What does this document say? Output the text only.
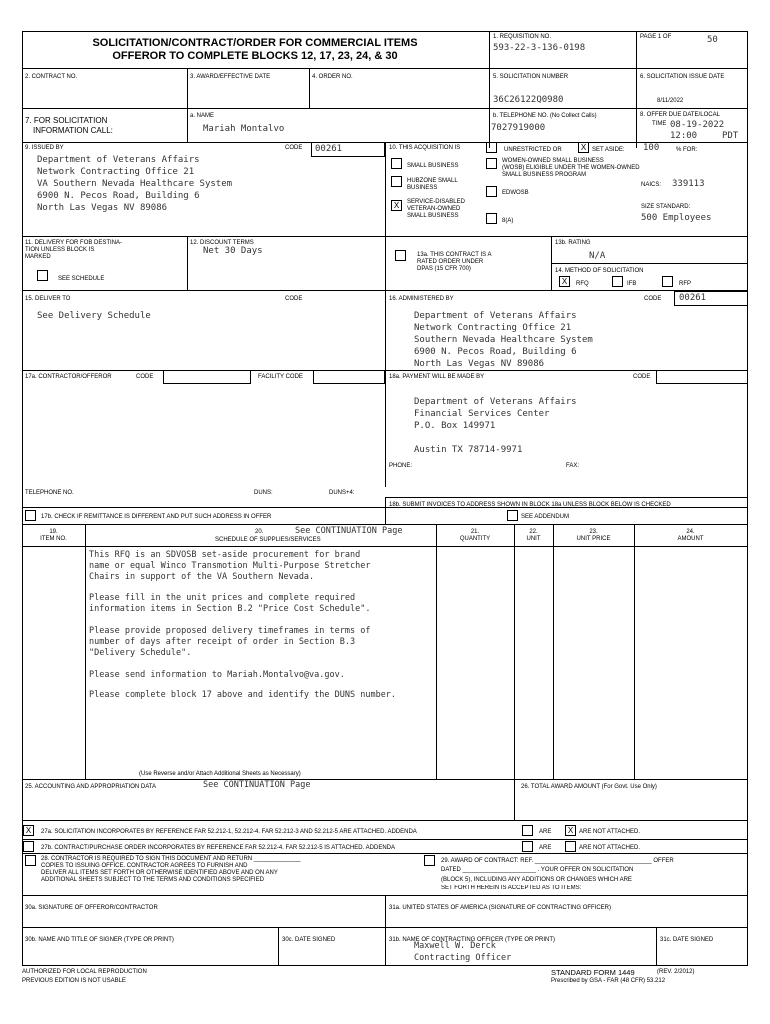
SOLICITATION/CONTRACT/ORDER FOR COMMERCIAL ITEMS
OFFEROR TO COMPLETE BLOCKS 12, 17, 23, 24, & 30
1. REQUISITION NO.
593-22-3-136-0198
PAGE 1 OF	50
2. CONTRACT NO.	3. AWARD/EFFECTIVE DATE	4. ORDER NO.	5. SOLICITATION NUMBER
36C26122Q0980
6. SOLICITATION ISSUE DATE
8/11/2022
7. FOR SOLICITATION
INFORMATION CALL:
a. NAME
Mariah Montalvo
b. TELEPHONE NO. (No Collect Calls)
7027919000
8. OFFER DUE DATE/LOCAL
TIME 08-19-2022
12:00	PDT
9. ISSUED BY	CODE 00261
Department of Veterans Affairs
Network Contracting Office 21
VA Southern Nevada Healthcare System
6900 N. Pecos Road, Building 6
North Las Vegas NV 89086
10. THIS ACQUISITION IS	UNRESTRICTED OR	X SET ASIDE: 100	% FOR:
SMALL BUSINESS
HUBZONE SMALL
BUSINESS
X	SERVICE-DISABLED
VETERAN-OWNED
SMALL BUSINESS
WOMEN-OWNED SMALL BUSINESS
(WOSB) ELIGIBLE UNDER THE WOMEN-OWNED
SMALL BUSINESS PROGRAM
EDWOSB
8(A)
NAICS: 339113
SIZE STANDARD:
500 Employees
11. DELIVERY FOR FOB DESTINA-
TION UNLESS BLOCK IS
MARKED
SEE SCHEDULE
12. DISCOUNT TERMS
Net 30 Days	13a. THIS CONTRACT IS A
RATED ORDER UNDER
DPAS (15 CFR 700)
13b. RATING
N/A
14. METHOD OF SOLICITATION
X	RFQ	IFB	RFP
15. DELIVER TO	CODE
See Delivery Schedule
16. ADMINISTERED BY	CODE 00261
Department of Veterans Affairs
Network Contracting Office 21
Southern Nevada Healthcare System
6900 N. Pecos Road, Building 6
North Las Vegas NV 89086
17a. CONTRACTOR/OFFEROR	CODE	FACILITY CODE	18a. PAYMENT WILL BE MADE BY	CODE
Department of Veterans Affairs
Financial Services Center
P.O. Box 149971

Austin TX 78714-9971
PHONE:	FAX:
TELEPHONE NO.	DUNS:	DUNS+4:
18b. SUBMIT INVOICES TO ADDRESS SHOWN IN BLOCK 18a UNLESS BLOCK BELOW IS CHECKED
17b. CHECK IF REMITTANCE IS DIFFERENT AND PUT SUCH ADDRESS IN OFFER	SEE ADDENDUM
19.
ITEM NO.
20.	See CONTINUATION Page
SCHEDULE OF SUPPLIES/SERVICES
21.
QUANTITY
22.
UNIT
23.
UNIT PRICE
24.
AMOUNT
This RFQ is an SDVOSB set-aside procurement for brand
name or equal Winco Transmotion Multi-Purpose Stretcher
Chairs in support of the VA Southern Nevada.
Please fill in the unit prices and complete required
information items in Section B.2 "Price Cost Schedule".
Please provide proposed delivery timeframes in terms of
number of days after receipt of order in Section B.3
"Delivery Schedule".
Please send information to Mariah.Montalvo@va.gov.
Please complete block 17 above and identify the DUNS number.
(Use Reverse and/or Attach Additional Sheets as Necessary)
25. ACCOUNTING AND APPROPRIATION DATA	See CONTINUATION Page	26. TOTAL AWARD AMOUNT (For Govt. Use Only)
X	27a. SOLICITATION INCORPORATES BY REFERENCE FAR 52.212-1, 52.212-4. FAR 52.212-3 AND 52.212-5 ARE ATTACHED. ADDENDA	ARE	X ARE NOT ATTACHED.
27b. CONTRACT/PURCHASE ORDER INCORPORATES BY REFERENCE FAR 52.212-4. FAR 52.212-5 IS ATTACHED. ADDENDA	ARE	ARE NOT ATTACHED.
28. CONTRACTOR IS REQUIRED TO SIGN THIS DOCUMENT AND RETURN ______________
COPIES TO ISSUING OFFICE. CONTRACTOR AGREES TO FURNISH AND
DELIVER ALL ITEMS SET FORTH OR OTHERWISE IDENTIFIED ABOVE AND ON ANY
ADDITIONAL SHEETS SUBJECT TO THE TERMS AND CONDITIONS SPECIFIED
29. AWARD OF CONTRACT: REF. ___________________________________ OFFER
DATED ______________________ . YOUR OFFER ON SOLICITATION
(BLOCK 5), INCLUDING ANY ADDITIONS OR CHANGES WHICH ARE
SET FORTH HEREIN IS ACCEPTED AS TO ITEMS:
30a. SIGNATURE OF OFFEROR/CONTRACTOR	31a. UNITED STATES OF AMERICA (SIGNATURE OF CONTRACTING OFFICER)
30b. NAME AND TITLE OF SIGNER (TYPE OR PRINT)	30c. DATE SIGNED	31b. NAME OF CONTRACTING OFFICER (TYPE OR PRINT)
Maxwell W. Derck
Contracting Officer
31c. DATE SIGNED
AUTHORIZED FOR LOCAL REPRODUCTION
PREVIOUS EDITION IS NOT USABLE
STANDARD FORM 1449	(REV. 2/2012)
Prescribed by GSA - FAR (48 CFR) 53.212
